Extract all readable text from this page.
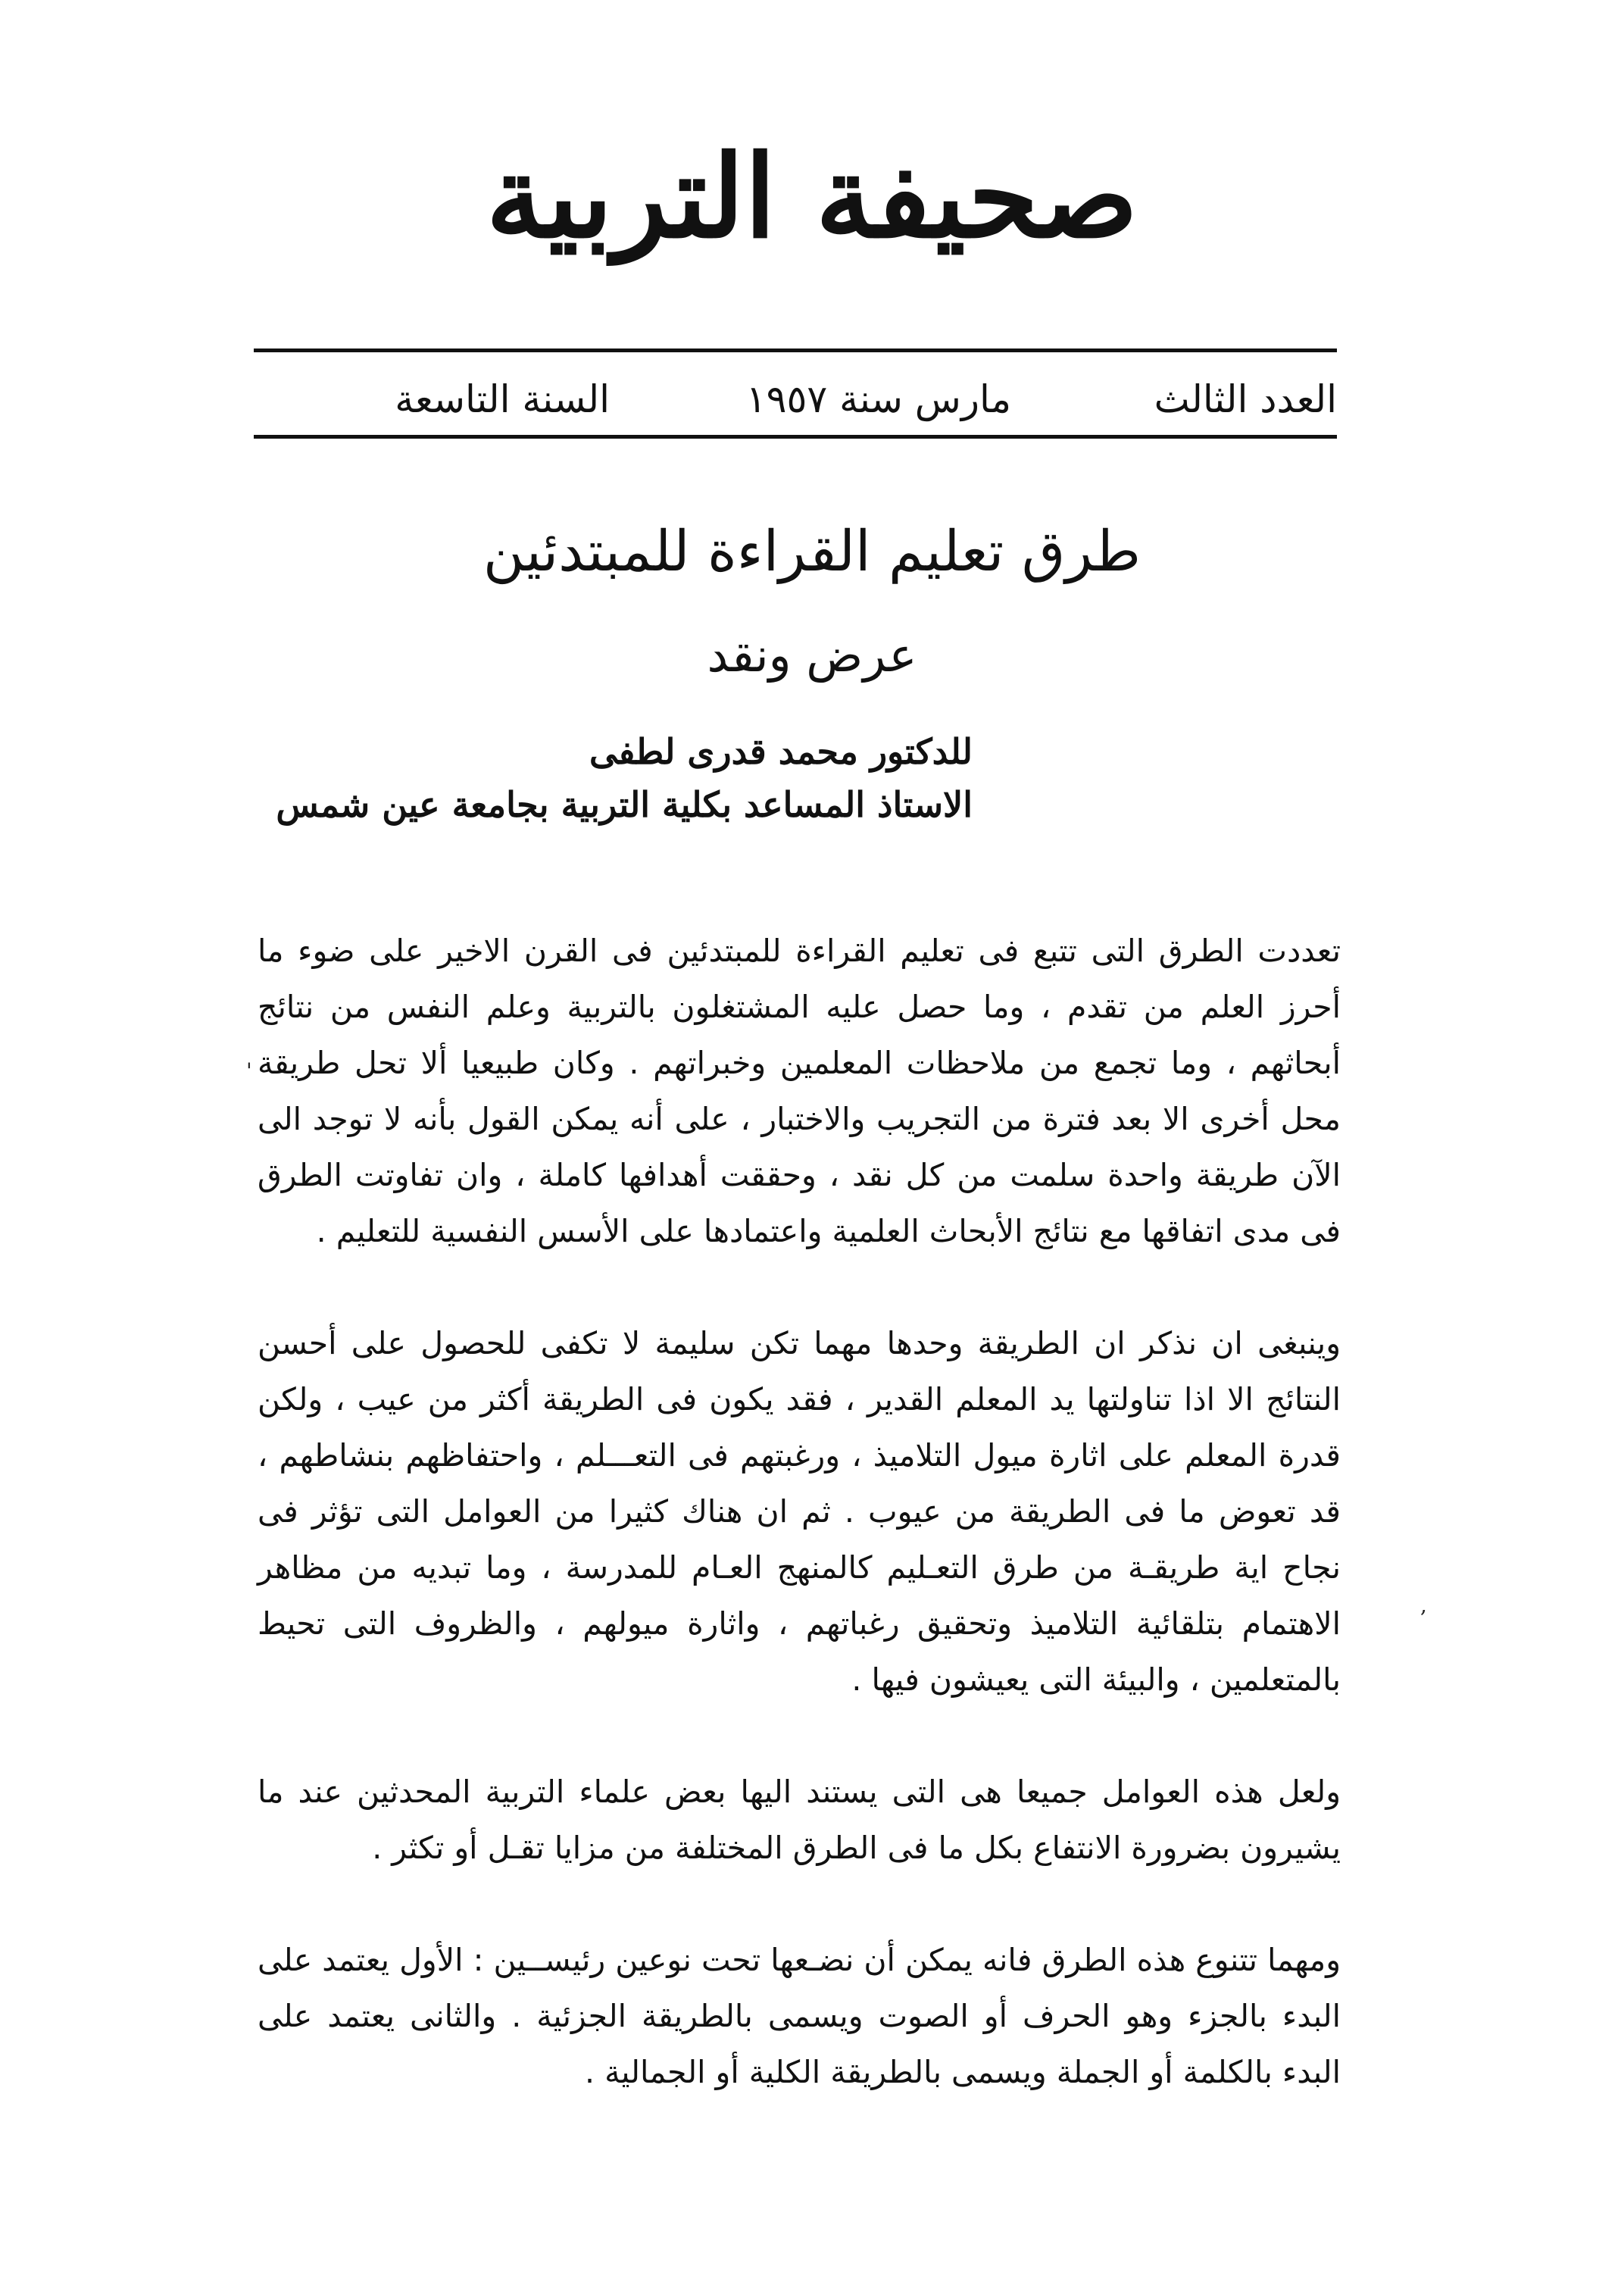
صحيفة التربية
العدد الثالث
مارس سنة ١٩٥٧
السنة التاسعة
طرق تعليم القراءة للمبتدئين
عرض ونقد
للدكتور محمد قدرى لطفى
الاستاذ المساعد بكلية التربية بجامعة عين شمس

تعددت الطرق التى تتبع فى تعليم القراءة للمبتدئين فى القرن الاخير على ضوء ما أحرز العلم من تقدم ، وما حصل عليه المشتغلون بالتربية وعلم النفس من نتائج أبحاثهم ، وما تجمع من ملاحظات المعلمين وخبراتهم . وكان طبيعيا ألا تحل طريقة محل أخرى الا بعد فترة من التجريب والاختبار ، على أنه يمكن القول بأنه لا توجد الى الآن طريقة واحدة سلمت من كل نقد ، وحققت أهدافها كاملة ، وان تفاوتت الطرق فى مدى اتفاقها مع نتائج الأبحاث العلمية واعتمادها على الأسس النفسية للتعليم .

وينبغى ان نذكر ان الطريقة وحدها مهما تكن سليمة لا تكفى للحصول على أحسن النتائج الا اذا تناولتها يد المعلم القدير ، فقد يكون فى الطريقة أكثر من عيب ، ولكن قدرة المعلم على اثارة ميول التلاميذ ، ورغبتهم فى التعـــلم ، واحتفاظهم بنشاطهم ، قد تعوض ما فى الطريقة من عيوب . ثم ان هناك كثيرا من العوامل التى تؤثر فى نجاح اية طريقـة من طرق التعـليم كالمنهج العـام للمدرسة ، وما تبديه من مظاهر الاهتمام بتلقائية التلاميذ وتحقيق رغباتهم ، واثارة ميولهم ، والظروف التى تحيط بالمتعلمين ، والبيئة التى يعيشون فيها .

ولعل هذه العوامل جميعا هى التى يستند اليها بعض علماء التربية المحدثين عند ما يشيرون بضرورة الانتفاع بكل ما فى الطرق المختلفة من مزايا تقـل أو تكثر .

ومهما تتنوع هذه الطرق فانه يمكن أن نضـعها تحت نوعين رئيســين : الأول يعتمد على البدء بالجزء وهو الحرف أو الصوت ويسمى بالطريقة الجزئية . والثانى يعتمد على البدء بالكلمة أو الجملة ويسمى بالطريقة الكلية أو الجمالية .

'
,
